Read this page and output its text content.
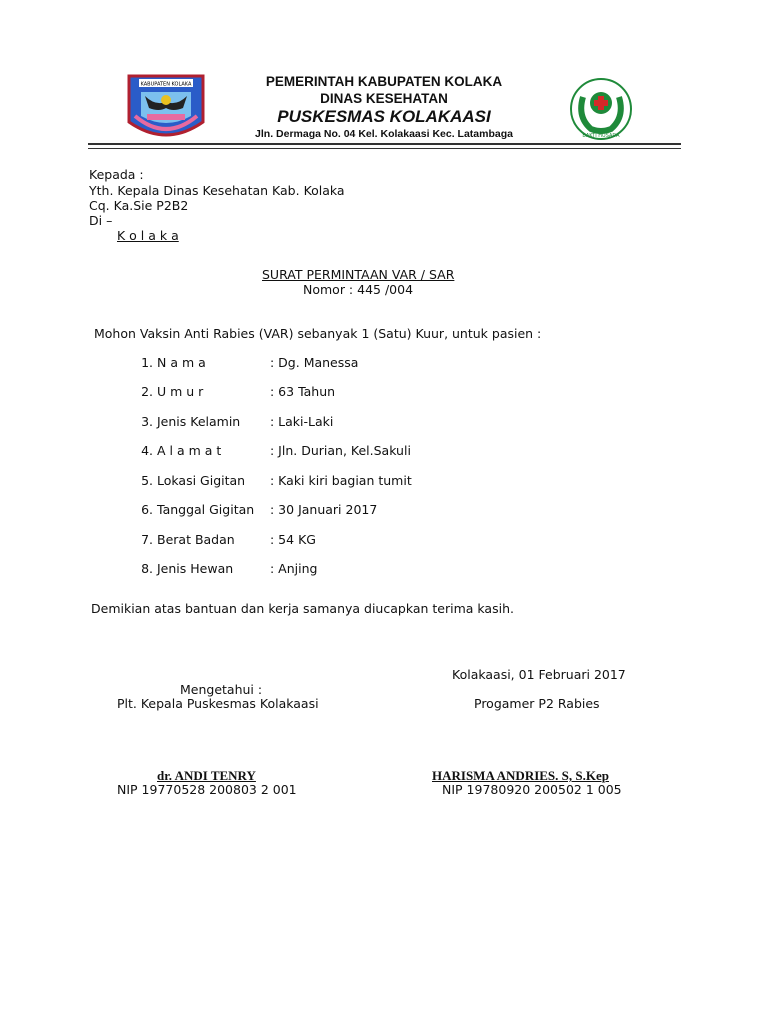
KABUPATEN KOLAKA
BAKTI HUSADA
PEMERINTAH KABUPATEN KOLAKA
DINAS KESEHATAN
PUSKESMAS KOLAKAASI
Jln. Dermaga No. 04 Kel. Kolakaasi Kec. Latambaga
Kepada :
Yth. Kepala Dinas Kesehatan Kab. Kolaka
Cq. Ka.Sie P2B2
Di –
K o l a k a
SURAT PERMINTAAN VAR / SAR
Nomor : 445 /004
Mohon Vaksin Anti Rabies (VAR) sebanyak 1 (Satu) Kuur, untuk pasien :
1. N a m a	: Dg. Manessa
2. U m u r	: 63 Tahun
3. Jenis Kelamin : Laki-Laki
4. A l a m a t	: Jln. Durian, Kel.Sakuli
5. Lokasi Gigitan : Kaki kiri bagian tumit
6. Tanggal Gigitan : 30 Januari 2017
7. Berat Badan	: 54 KG
8. Jenis Hewan	: Anjing
Demikian atas bantuan dan kerja samanya diucapkan terima kasih.
Kolakaasi, 01 Februari 2017
Mengetahui :
Plt. Kepala Puskesmas Kolakaasi	Progamer P2 Rabies
dr. ANDI TENRY
NIP 19770528 200803 2 001
HARISMA ANDRIES. S, S.Kep
NIP 19780920 200502 1 005
